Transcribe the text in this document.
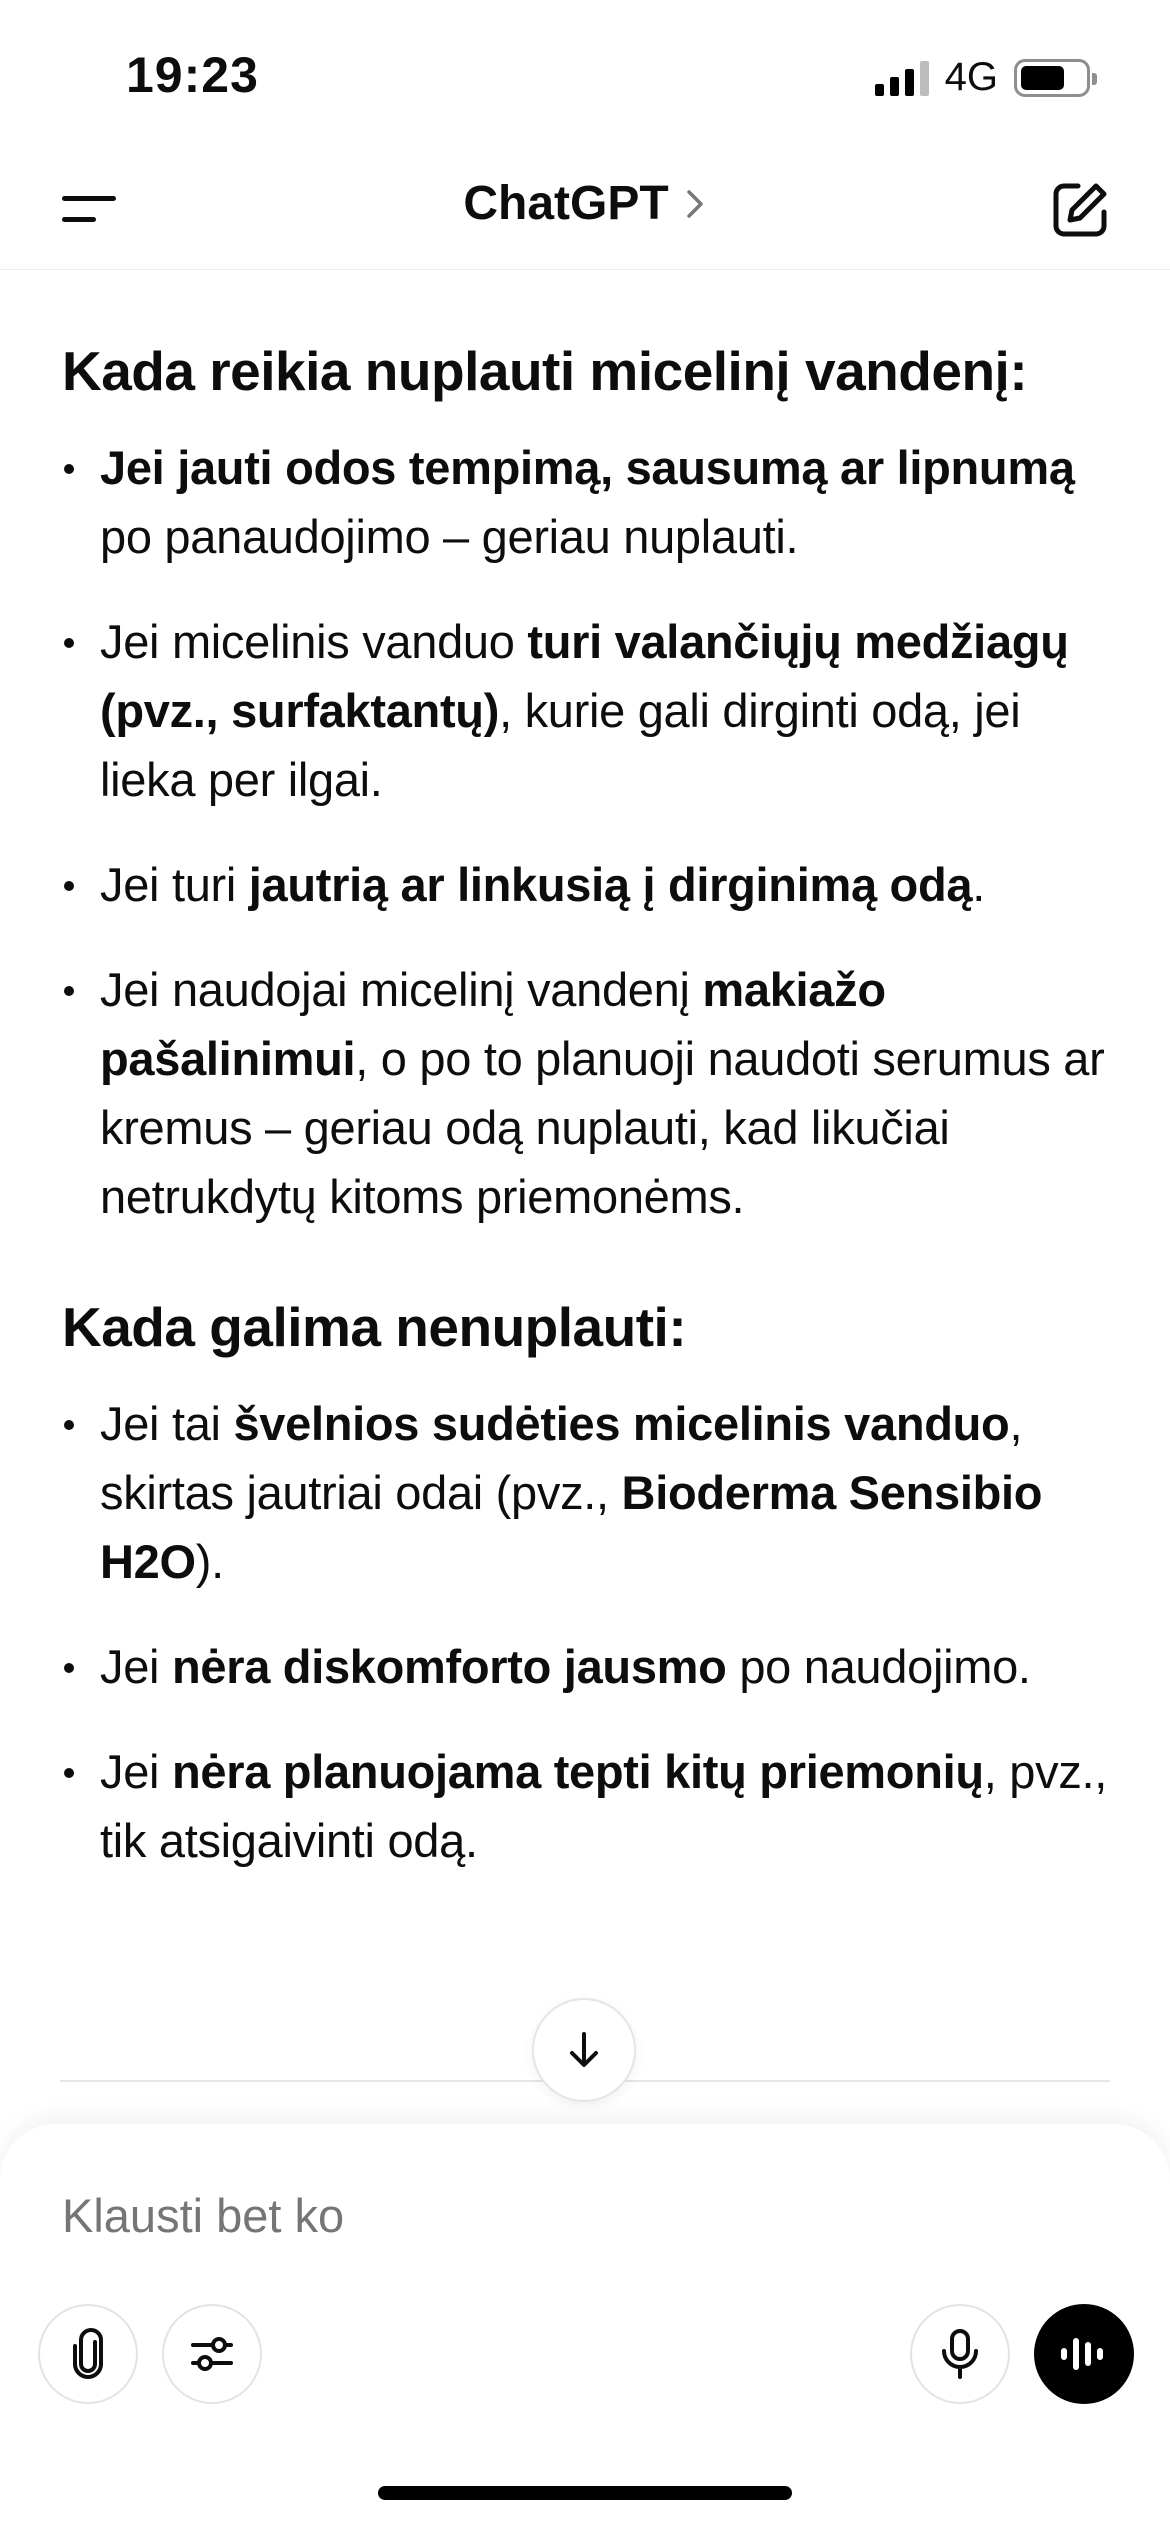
19:23	4G
ChatGPT
Kada reikia nuplauti micelinį vandenį:
Jei jauti odos tempimą, sausumą ar lipnumą po panaudojimo – geriau nuplauti.
Jei micelinis vanduo turi valančiųjų medžiagų (pvz., surfaktantų), kurie gali dirginti odą, jei lieka per ilgai.
Jei turi jautrią ar linkusią į dirginimą odą.
Jei naudojai micelinį vandenį makiažo pašalinimui, o po to planuoji naudoti serumus ar kremus – geriau odą nuplauti, kad likučiai netrukdytų kitoms priemonėms.
Kada galima nenuplauti:
Jei tai švelnios sudėties micelinis vanduo, skirtas jautriai odai (pvz., Bioderma Sensibio H2O).
Jei nėra diskomforto jausmo po naudojimo.
Jei nėra planuojama tepti kitų priemonių, pvz., tik atsigaivinti odą.
Klausti bet ko
